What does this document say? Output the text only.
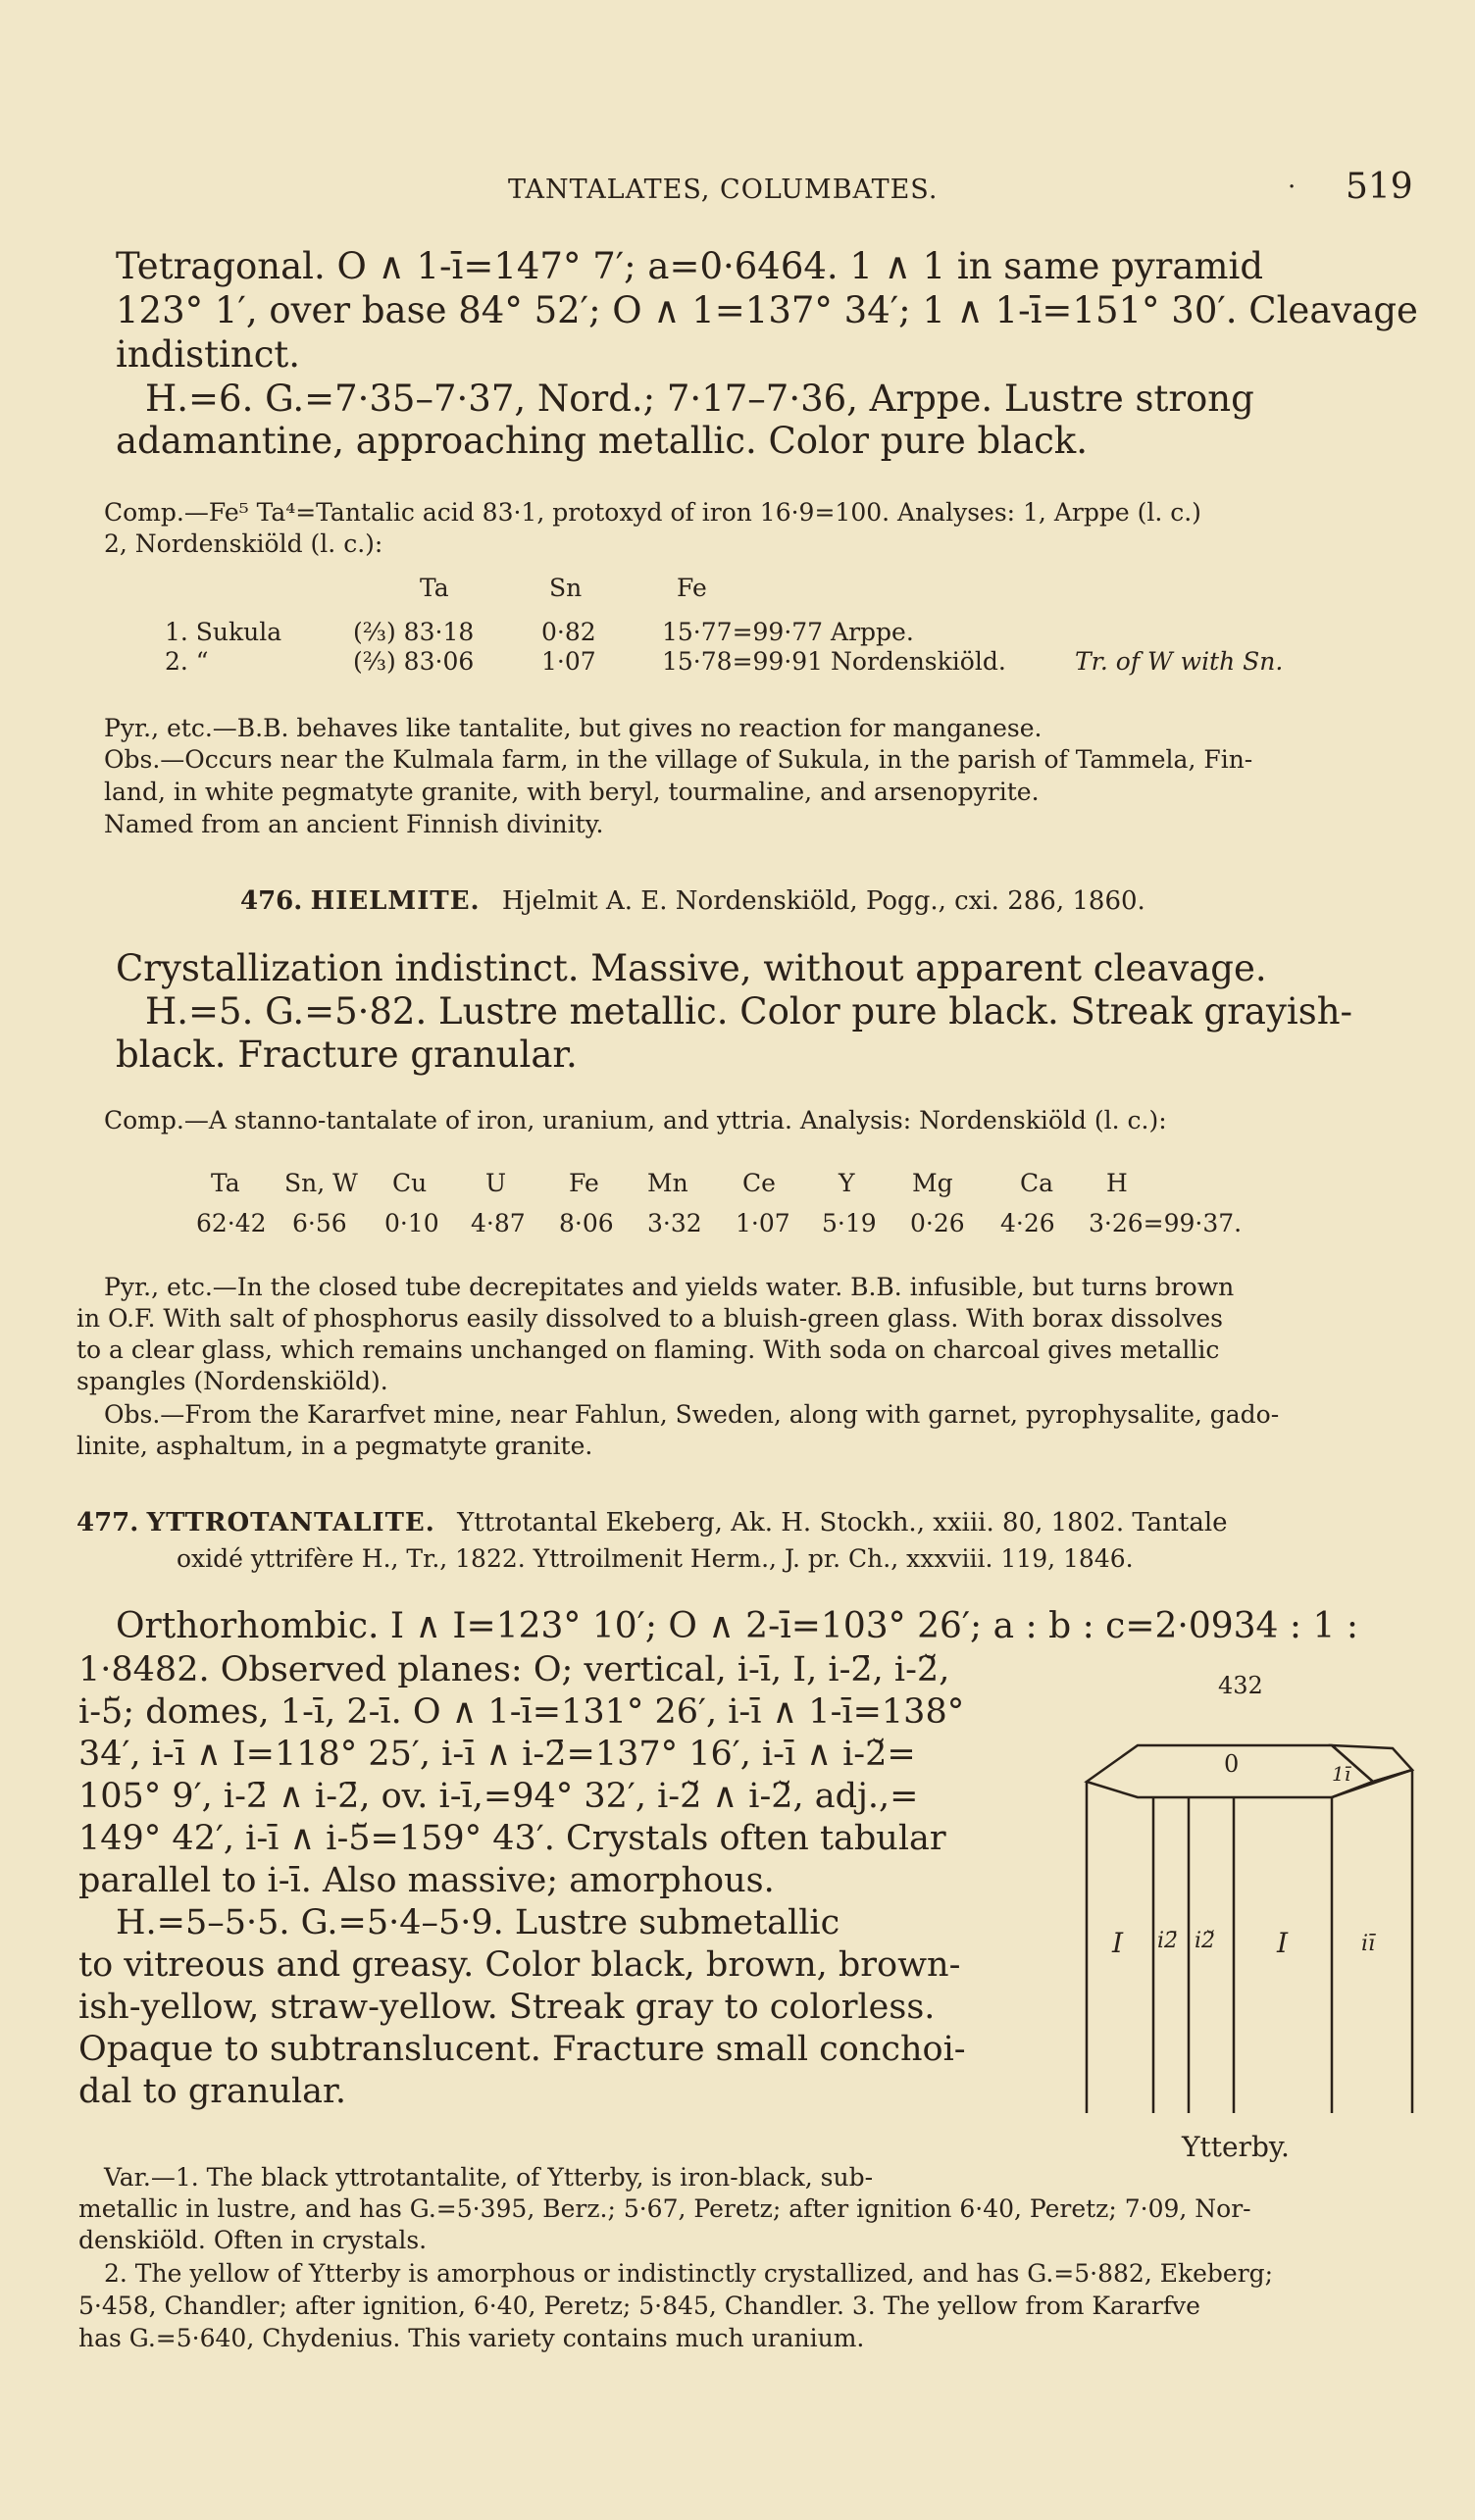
TANTALATES, COLUMBATES.	· 519
Tetragonal. O ∧ 1-ī=147° 7′; a=0·6464. 1 ∧ 1 in same pyramid
123° 1′, over base 84° 52′; O ∧ 1=137° 34′; 1 ∧ 1-ī=151° 30′. Cleavage
indistinct.
H.=6. G.=7·35–7·37, Nord.; 7·17–7·36, Arppe. Lustre strong
adamantine, approaching metallic. Color pure black.
Comp.—Fe⁵ Ta⁴=Tantalic acid 83·1, protoxyd of iron 16·9=100. Analyses: 1, Arppe (l. c.)
2, Nordenskiöld (l. c.):
Ta	Sn	Fe
1. Sukula	(⅔) 83·18	0·82	15·77=99·77 Arppe.
2. “	(⅔) 83·06	1·07	15·78=99·91 Nordenskiöld.	Tr. of W with Sn.
Pyr., etc.—B.B. behaves like tantalite, but gives no reaction for manganese.
Obs.—Occurs near the Kulmala farm, in the village of Sukula, in the parish of Tammela, Fin-
land, in white pegmatyte granite, with beryl, tourmaline, and arsenopyrite.
Named from an ancient Finnish divinity.
476. HIELMITE. Hjelmit A. E. Nordenskiöld, Pogg., cxi. 286, 1860.
Crystallization indistinct. Massive, without apparent cleavage.
H.=5. G.=5·82. Lustre metallic. Color pure black. Streak grayish-
black. Fracture granular.
Comp.—A stanno-tantalate of iron, uranium, and yttria. Analysis: Nordenskiöld (l. c.):
Ta Sn, W Cu U	Fe Mn Ce	Y Mg	Ca H
62·42 6·56 0·10 4·87 8·06 3·32 1·07 5·19 0·26 4·26 3·26=99·37.
Pyr., etc.—In the closed tube decrepitates and yields water. B.B. infusible, but turns brown
in O.F. With salt of phosphorus easily dissolved to a bluish-green glass. With borax dissolves
to a clear glass, which remains unchanged on flaming. With soda on charcoal gives metallic
spangles (Nordenskiöld).
Obs.—From the Kararfvet mine, near Fahlun, Sweden, along with garnet, pyrophysalite, gado-
linite, asphaltum, in a pegmatyte granite.
477. YTTROTANTALITE. Yttrotantal Ekeberg, Ak. H. Stockh., xxiii. 80, 1802. Tantale
oxidé yttrifère H., Tr., 1822. Yttroilmenit Herm., J. pr. Ch., xxxviii. 119, 1846.
Orthorhombic. I ∧ I=123° 10′; O ∧ 2-ī=103° 26′; a : b : c=2·0934 : 1 :
1·8482. Observed planes: O; vertical, i-ī, I, i-2̄, i-2̆,
i-5̆; domes, 1-ī, 2-ī. O ∧ 1-ī=131° 26′, i-ī ∧ 1-ī=138°
34′, i-ī ∧ I=118° 25′, i-ī ∧ i-2̄=137° 16′, i-ī ∧ i-2̆=
105° 9′, i-2̄ ∧ i-2̄, ov. i-ī,=94° 32′, i-2̆ ∧ i-2̆, adj.,=
149° 42′, i-ī ∧ i-5̆=159° 43′. Crystals often tabular
parallel to i-ī. Also massive; amorphous.
H.=5–5·5. G.=5·4–5·9. Lustre submetallic
to vitreous and greasy. Color black, brown, brown-
ish-yellow, straw-yellow. Streak gray to colorless.
Opaque to subtranslucent. Fracture small conchoi-
dal to granular.
432
0	1ī
I i2̄ i2̆ I	iī
Ytterby.
Var.—1. The black yttrotantalite, of Ytterby, is iron-black, sub-
metallic in lustre, and has G.=5·395, Berz.; 5·67, Peretz; after ignition 6·40, Peretz; 7·09, Nor-
denskiöld. Often in crystals.
2. The yellow of Ytterby is amorphous or indistinctly crystallized, and has G.=5·882, Ekeberg;
5·458, Chandler; after ignition, 6·40, Peretz; 5·845, Chandler. 3. The yellow from Kararfve
has G.=5·640, Chydenius. This variety contains much uranium.
